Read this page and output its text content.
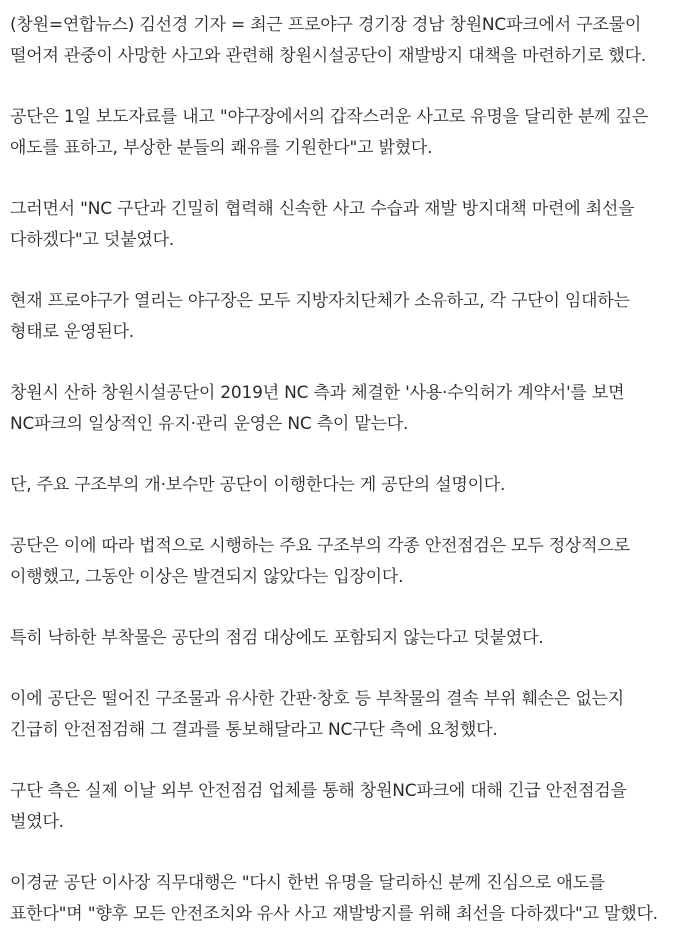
(창원=연합뉴스) 김선경 기자 = 최근 프로야구 경기장 경남 창원NC파크에서 구조물이 떨어져 관중이 사망한 사고와 관련해 창원시설공단이 재발방지 대책을 마련하기로 했다.

공단은 1일 보도자료를 내고 "야구장에서의 갑작스러운 사고로 유명을 달리한 분께 깊은 애도를 표하고, 부상한 분들의 쾌유를 기원한다"고 밝혔다.

그러면서 "NC 구단과 긴밀히 협력해 신속한 사고 수습과 재발 방지대책 마련에 최선을 다하겠다"고 덧붙였다.

현재 프로야구가 열리는 야구장은 모두 지방자치단체가 소유하고, 각 구단이 임대하는 형태로 운영된다.

창원시 산하 창원시설공단이 2019년 NC 측과 체결한 '사용·수익허가 계약서'를 보면 NC파크의 일상적인 유지·관리 운영은 NC 측이 맡는다.

단, 주요 구조부의 개·보수만 공단이 이행한다는 게 공단의 설명이다.

공단은 이에 따라 법적으로 시행하는 주요 구조부의 각종 안전점검은 모두 정상적으로 이행했고, 그동안 이상은 발견되지 않았다는 입장이다.

특히 낙하한 부착물은 공단의 점검 대상에도 포함되지 않는다고 덧붙였다.

이에 공단은 떨어진 구조물과 유사한 간판·창호 등 부착물의 결속 부위 훼손은 없는지 긴급히 안전점검해 그 결과를 통보해달라고 NC구단 측에 요청했다.

구단 측은 실제 이날 외부 안전점검 업체를 통해 창원NC파크에 대해 긴급 안전점검을 벌였다.

이경균 공단 이사장 직무대행은 "다시 한번 유명을 달리하신 분께 진심으로 애도를 표한다"며 "향후 모든 안전조치와 유사 사고 재발방지를 위해 최선을 다하겠다"고 말했다.
